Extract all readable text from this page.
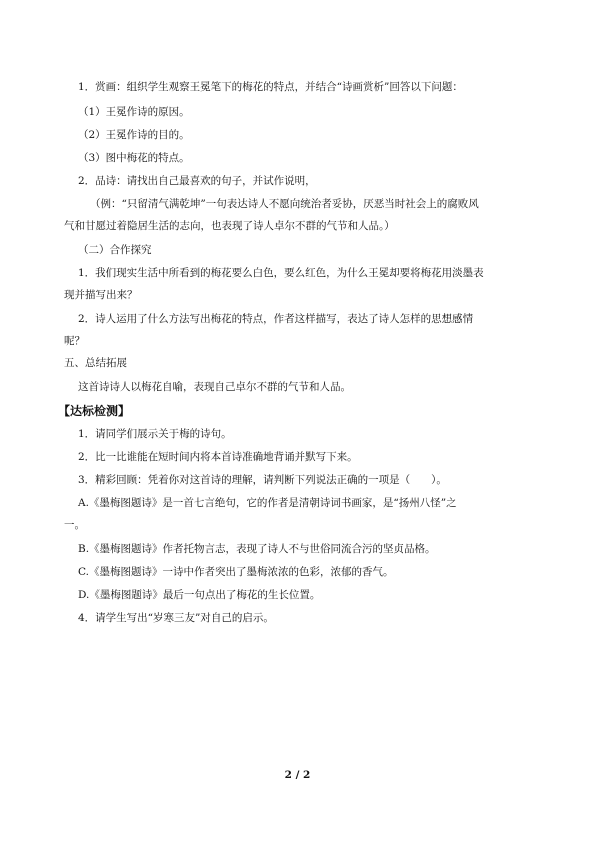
1．赏画：组织学生观察王冕笔下的梅花的特点，并结合“诗画赏析”回答以下问题：
（1）王冕作诗的原因。
（2）王冕作诗的目的。
（3）图中梅花的特点。
2．品诗：请找出自己最喜欢的句子，并试作说明，
（例：“只留清气满乾坤”一句表达诗人不愿向统治者妥协，厌恶当时社会上的腐败风
气和甘愿过着隐居生活的志向，也表现了诗人卓尔不群的气节和人品。）
（二）合作探究
1．我们现实生活中所看到的梅花要么白色，要么红色，为什么王冕却要将梅花用淡墨表
现并描写出来？
2．诗人运用了什么方法写出梅花的特点，作者这样描写，表达了诗人怎样的思想感情
呢？
五、总结拓展
这首诗诗人以梅花自喻，表现自己卓尔不群的气节和人品。
【达标检测】
1．请同学们展示关于梅的诗句。
2．比一比谁能在短时间内将本首诗准确地背诵并默写下来。
3．精彩回顾：凭着你对这首诗的理解，请判断下列说法正确的一项是（　　）。
A.《墨梅图题诗》是一首七言绝句，它的作者是清朝诗词书画家，是“扬州八怪”之
一。
B.《墨梅图题诗》作者托物言志，表现了诗人不与世俗同流合污的坚贞品格。
C.《墨梅图题诗》一诗中作者突出了墨梅浓浓的色彩，浓郁的香气。
D.《墨梅图题诗》最后一句点出了梅花的生长位置。
4．请学生写出“岁寒三友”对自己的启示。
2 / 2
